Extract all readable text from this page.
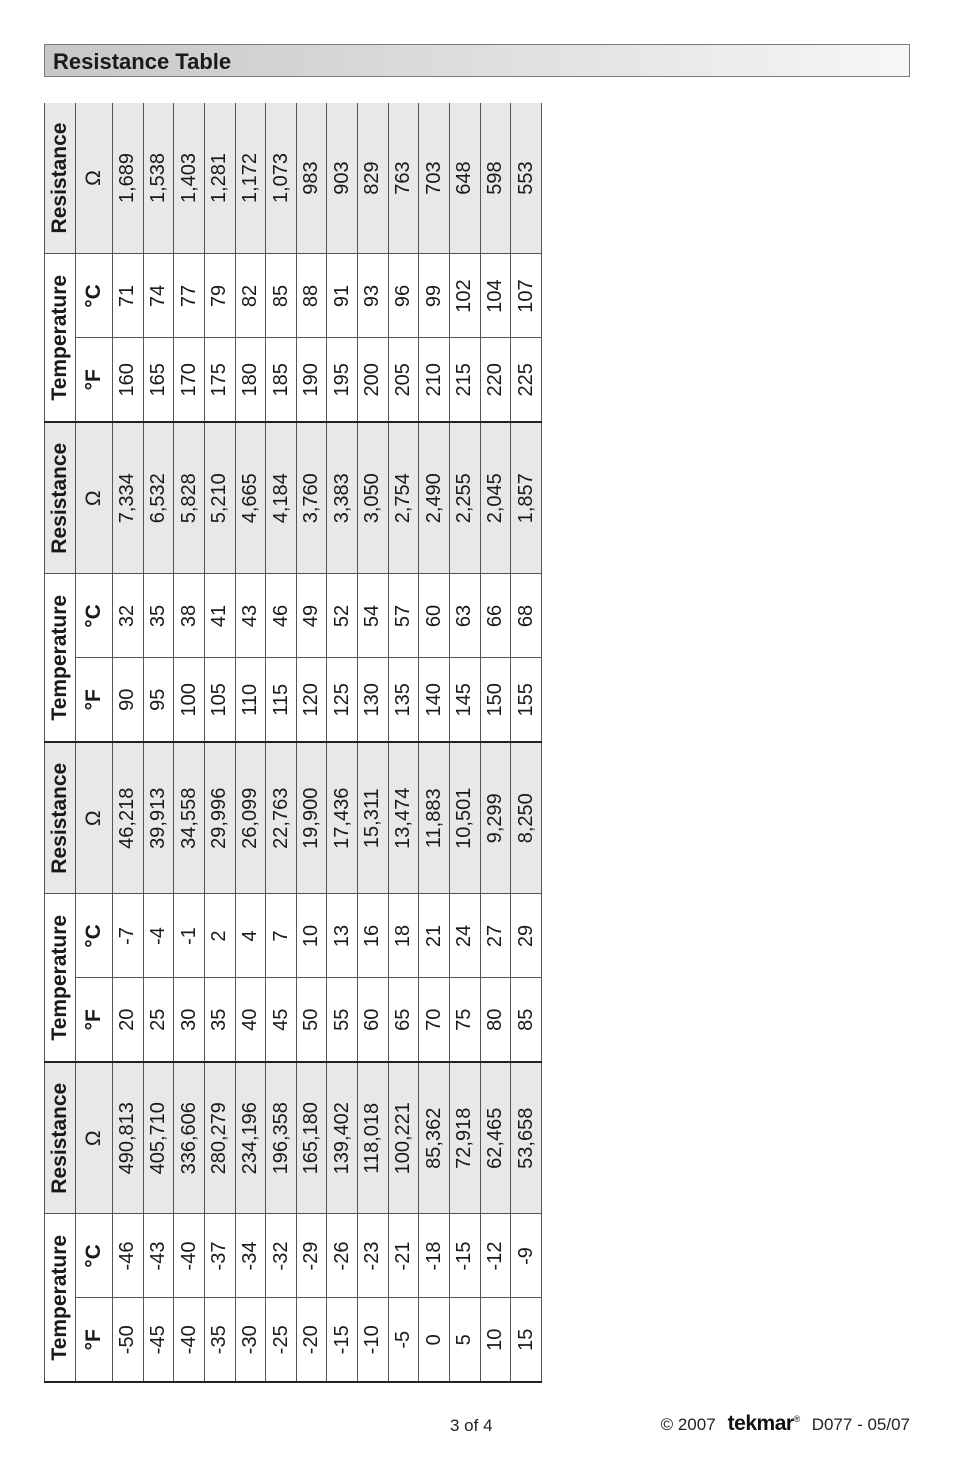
Resistance Table
Temperature		Resistance	Temperature		Resistance	Temperature		Resistance	Temperature		Resistance
°F	°C	Ω	°F	°C	Ω	°F	°C	Ω	°F	°C	Ω
-50	-46	490,813	20	-7	46,218	90	32	7,334	160	71	1,689
-45	-43	405,710	25	-4	39,913	95	35	6,532	165	74	1,538
-40	-40	336,606	30	-1	34,558	100	38	5,828	170	77	1,403
-35	-37	280,279	35	2	29,996	105	41	5,210	175	79	1,281
-30	-34	234,196	40	4	26,099	110	43	4,665	180	82	1,172
-25	-32	196,358	45	7	22,763	115	46	4,184	185	85	1,073
-20	-29	165,180	50	10	19,900	120	49	3,760	190	88	983
-15	-26	139,402	55	13	17,436	125	52	3,383	195	91	903
-10	-23	118,018	60	16	15,311	130	54	3,050	200	93	829
-5	-21	100,221	65	18	13,474	135	57	2,754	205	96	763
0	-18	85,362	70	21	11,883	140	60	2,490	210	99	703
5	-15	72,918	75	24	10,501	145	63	2,255	215	102	648
10	-12	62,465	80	27	9,299	150	66	2,045	220	104	598
15	-9	53,658	85	29	8,250	155	68	1,857	225	107	553
3 of 4	© 2007 tekmar® D077 - 05/07
